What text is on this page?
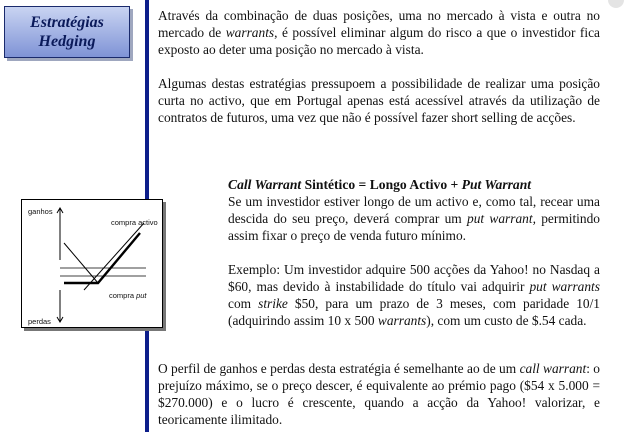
Estratégias
Hedging

Através da combinação de duas posições, uma no mercado à vista e outra no mercado de warrants, é possível eliminar algum do risco a que o investidor fica exposto ao deter uma posição no mercado à vista.

Algumas destas estratégias pressupoem a possibilidade de realizar uma posição curta no activo, que em Portugal apenas está acessível através da utilização de contratos de futuros, uma vez que não é possível fazer short selling de acções.

Call Warrant Sintético = Longo Activo + Put Warrant

Se um investidor estiver longo de um activo e, como tal, recear uma descida do seu preço, deverá comprar um put warrant, permitindo assim fixar o preço de venda futuro mínimo.

Exemplo: Um investidor adquire 500 acções da Yahoo! no Nasdaq a $60, mas devido à instabilidade do título vai adquirir put warrants com strike $50, para um prazo de 3 meses, com paridade 10/1 (adquirindo assim 10 x 500 warrants), com um custo de $.54 cada.

O perfil de ganhos e perdas desta estratégia é semelhante ao de um call warrant: o prejuízo máximo, se o preço descer, é equivalente ao prémio pago ($54 x 5.000 = $270.000) e o lucro é crescente, quando a acção da Yahoo! valorizar, e teoricamente ilimitado.

ganhos
perdas
compra activo
compra put
